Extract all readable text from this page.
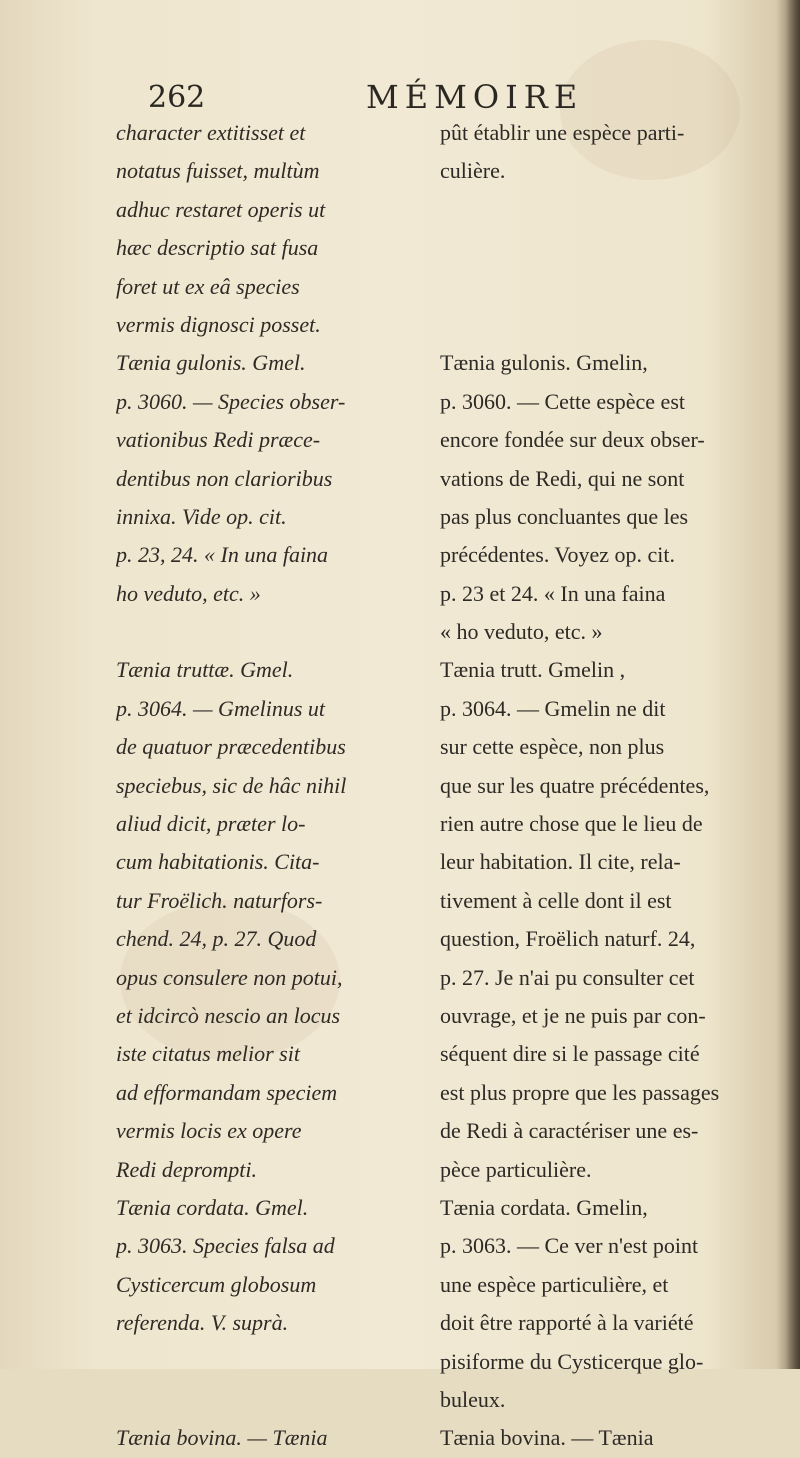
262	MÉMOIRE
character extitisset et
notatus fuisset, multùm
adhuc restaret operis ut
hæc descriptio sat fusa
foret ut ex eâ species
vermis dignosci posset.
Tænia gulonis. Gmel.
p. 3060. — Species obser-
vationibus Redi præce-
dentibus non clarioribus
innixa. Vide op. cit.
p. 23, 24. « In una faina
ho veduto, etc. »
Tænia truttæ. Gmel.
p. 3064. — Gmelinus ut
de quatuor præcedentibus
speciebus, sic de hâc nihil
aliud dicit, præter lo-
cum habitationis. Cita-
tur Froëlich. naturfors-
chend. 24, p. 27. Quod
opus consulere non potui,
et idcircò nescio an locus
iste citatus melior sit
ad efformandam speciem
vermis locis ex opere
Redi deprompti.
Tænia cordata. Gmel.
p. 3063. Species falsa ad
Cysticercum globosum
referenda. V. suprà.
Tænia bovina. — Tænia
pût établir une espèce parti-
culière.
Tænia gulonis. Gmelin,
p. 3060. — Cette espèce est
encore fondée sur deux obser-
vations de Redi, qui ne sont
pas plus concluantes que les
précédentes. Voyez op. cit.
p. 23 et 24. « In una faina
« ho veduto, etc. »
Tænia trutt. Gmelin ,
p. 3064. — Gmelin ne dit
sur cette espèce, non plus
que sur les quatre précédentes,
rien autre chose que le lieu de
leur habitation. Il cite, rela-
tivement à celle dont il est
question, Froëlich naturf. 24,
p. 27. Je n'ai pu consulter cet
ouvrage, et je ne puis par con-
séquent dire si le passage cité
est plus propre que les passages
de Redi à caractériser une es-
pèce particulière.
Tænia cordata. Gmelin,
p. 3063. — Ce ver n'est point
une espèce particulière, et
doit être rapporté à la variété
pisiforme du Cysticerque glo-
buleux.
Tænia bovina. — Tænia
